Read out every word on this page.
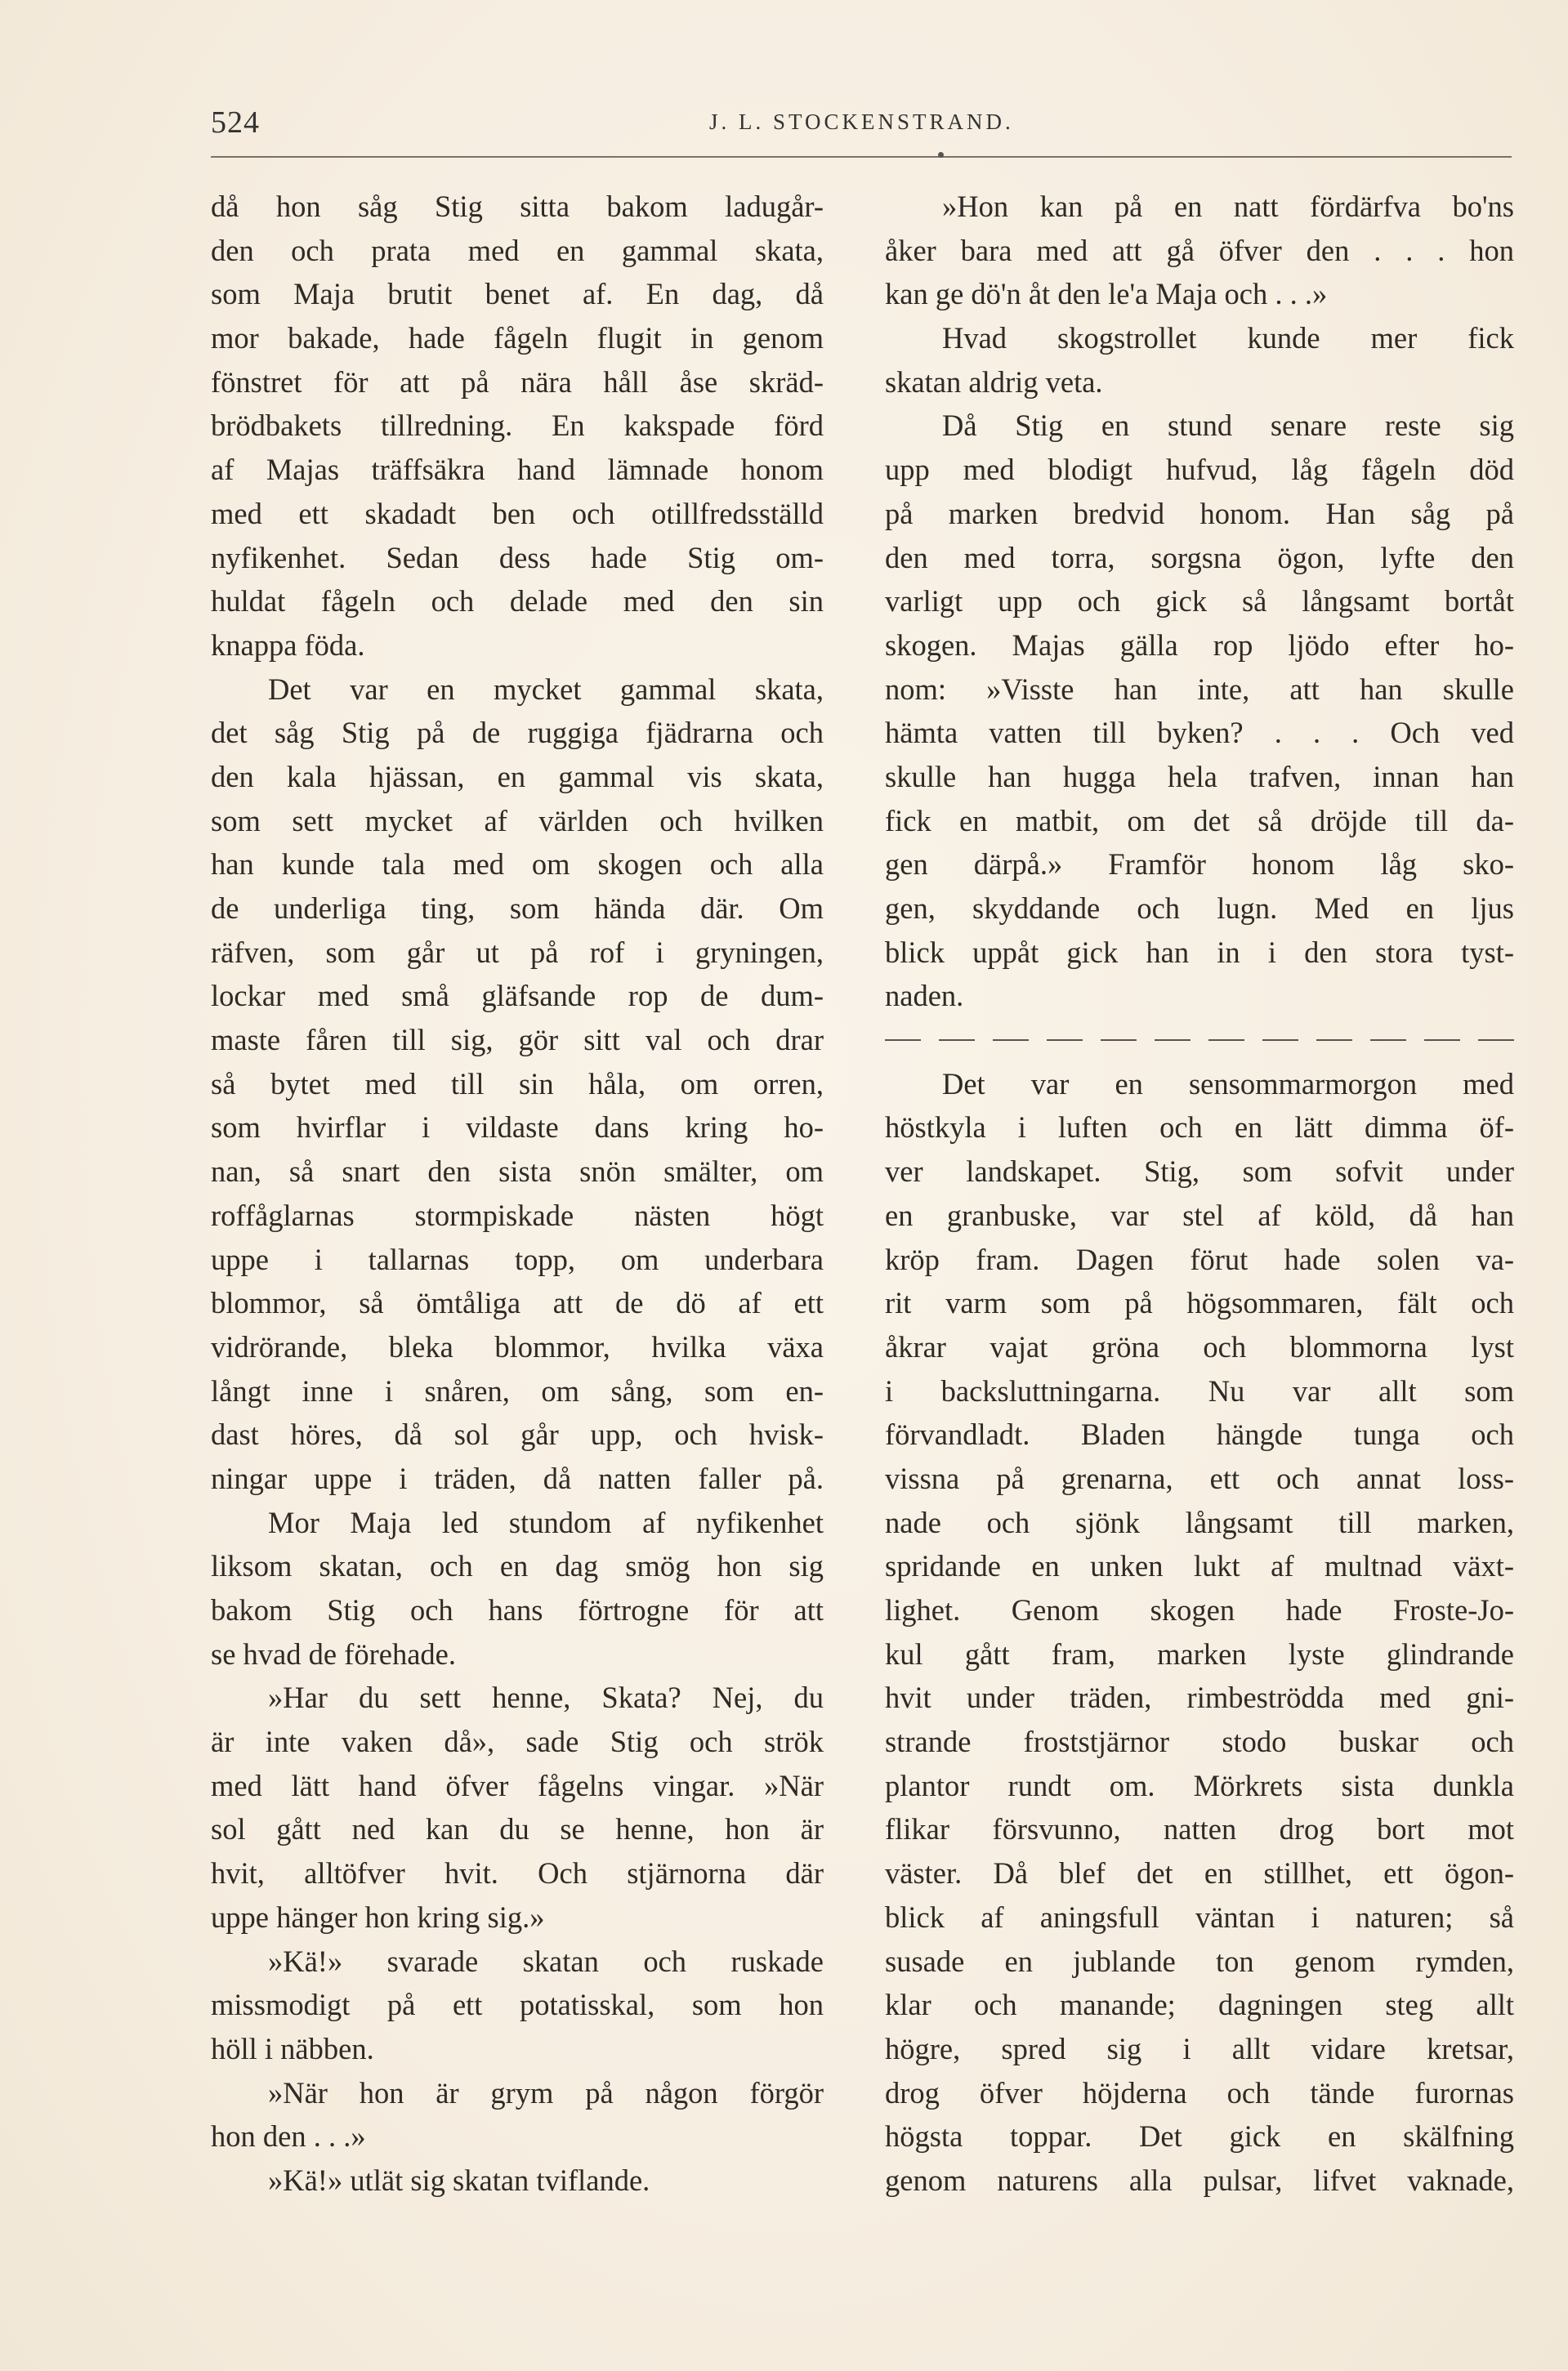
524	J. L. STOCKENSTRAND.
då hon såg Stig sitta bakom ladugår-
den och prata med en gammal skata,
som Maja brutit benet af. En dag, då
mor bakade, hade fågeln flugit in genom
fönstret för att på nära håll åse skräd-
brödbakets tillredning. En kakspade förd
af Majas träffsäkra hand lämnade honom
med ett skadadt ben och otillfredsställd
nyfikenhet. Sedan dess hade Stig om-
huldat fågeln och delade med den sin
knappa föda.
Det var en mycket gammal skata,
det såg Stig på de ruggiga fjädrarna och
den kala hjässan, en gammal vis skata,
som sett mycket af världen och hvilken
han kunde tala med om skogen och alla
de underliga ting, som hända där. Om
räfven, som går ut på rof i gryningen,
lockar med små gläfsande rop de dum-
maste fåren till sig, gör sitt val och drar
så bytet med till sin håla, om orren,
som hvirflar i vildaste dans kring ho-
nan, så snart den sista snön smälter, om
roffåglarnas stormpiskade nästen högt
uppe i tallarnas topp, om underbara
blommor, så ömtåliga att de dö af ett
vidrörande, bleka blommor, hvilka växa
långt inne i snåren, om sång, som en-
dast höres, då sol går upp, och hvisk-
ningar uppe i träden, då natten faller på.
Mor Maja led stundom af nyfikenhet
liksom skatan, och en dag smög hon sig
bakom Stig och hans förtrogne för att
se hvad de förehade.
»Har du sett henne, Skata? Nej, du
är inte vaken då», sade Stig och strök
med lätt hand öfver fågelns vingar. »När
sol gått ned kan du se henne, hon är
hvit, alltöfver hvit. Och stjärnorna där
uppe hänger hon kring sig.»
»Kä!» svarade skatan och ruskade
missmodigt på ett potatisskal, som hon
höll i näbben.
»När hon är grym på någon förgör
hon den . . .»
»Kä!» utlät sig skatan tviflande.
»Hon kan på en natt fördärfva bo'ns
åker bara med att gå öfver den . . . hon
kan ge dö'n åt den le'a Maja och . . .»
Hvad skogstrollet kunde mer fick
skatan aldrig veta.
Då Stig en stund senare reste sig
upp med blodigt hufvud, låg fågeln död
på marken bredvid honom. Han såg på
den med torra, sorgsna ögon, lyfte den
varligt upp och gick så långsamt bortåt
skogen. Majas gälla rop ljödo efter ho-
nom: »Visste han inte, att han skulle
hämta vatten till byken? . . . Och ved
skulle han hugga hela trafven, innan han
fick en matbit, om det så dröjde till da-
gen därpå.» Framför honom låg sko-
gen, skyddande och lugn. Med en ljus
blick uppåt gick han in i den stora tyst-
naden.
Det var en sensommarmorgon med
höstkyla i luften och en lätt dimma öf-
ver landskapet. Stig, som sofvit under
en granbuske, var stel af köld, då han
kröp fram. Dagen förut hade solen va-
rit varm som på högsommaren, fält och
åkrar vajat gröna och blommorna lyst
i backsluttningarna. Nu var allt som
förvandladt. Bladen hängde tunga och
vissna på grenarna, ett och annat loss-
nade och sjönk långsamt till marken,
spridande en unken lukt af multnad växt-
lighet. Genom skogen hade Froste-Jo-
kul gått fram, marken lyste glindrande
hvit under träden, rimbeströdda med gni-
strande froststjärnor stodo buskar och
plantor rundt om. Mörkrets sista dunkla
flikar försvunno, natten drog bort mot
väster. Då blef det en stillhet, ett ögon-
blick af aningsfull väntan i naturen; så
susade en jublande ton genom rymden,
klar och manande; dagningen steg allt
högre, spred sig i allt vidare kretsar,
drog öfver höjderna och tände furornas
högsta toppar. Det gick en skälfning
genom naturens alla pulsar, lifvet vaknade,
